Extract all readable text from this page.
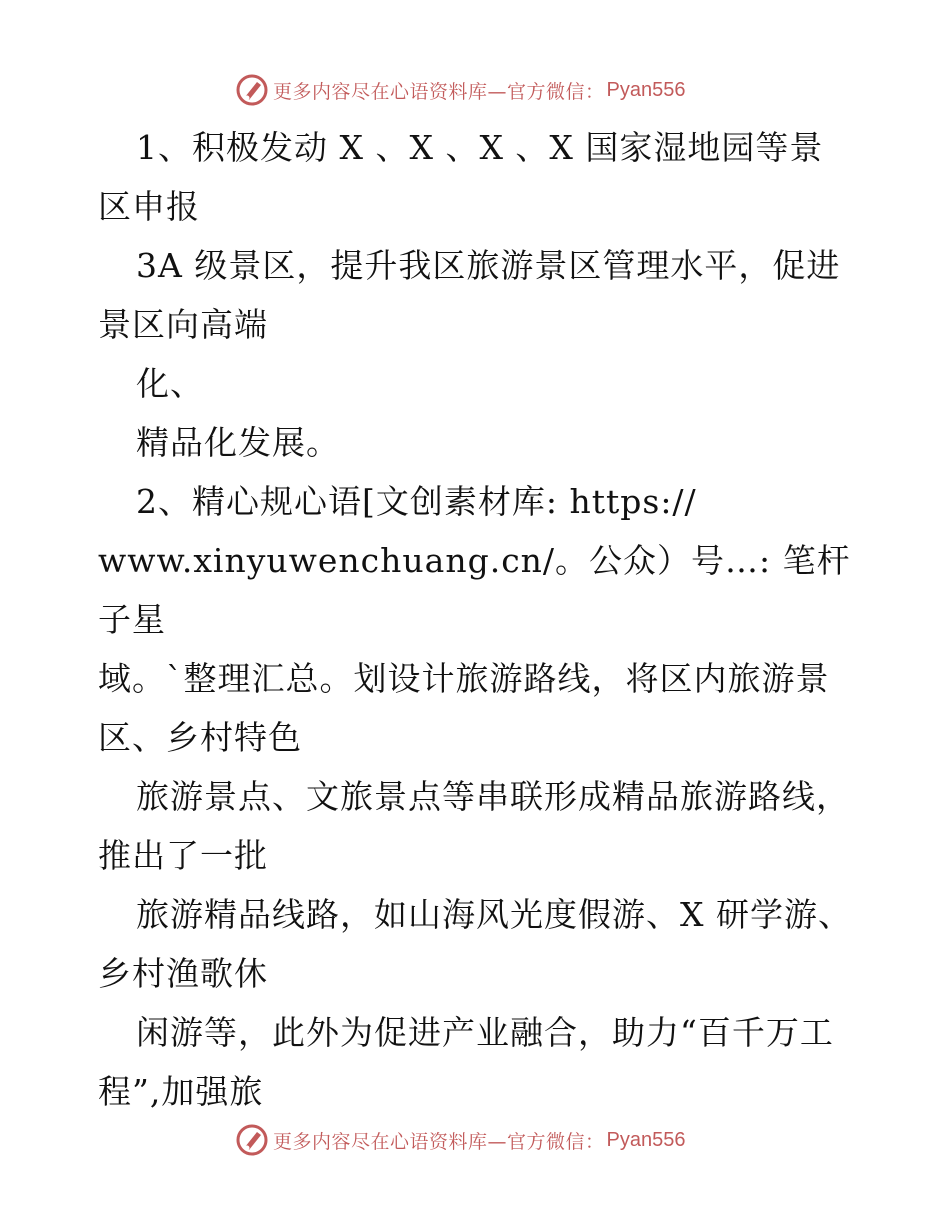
更多内容尽在心语资料库—官方微信： Pyan556

1、积极发动 X 、X 、X 、X 国家湿地园等景

区申报

3A 级景区，提升我区旅游景区管理水平，促进

景区向高端

化、

精品化发展。

2、精心规心语[文创素材库: https://

www.xinyuwenchuang.cn/。公众）号…: 笔杆子星

域。`整理汇总。划设计旅游路线，将区内旅游景

区、乡村特色

旅游景点、文旅景点等串联形成精品旅游路线，

推出了一批

旅游精品线路，如山海风光度假游、X 研学游、

乡村渔歌休

闲游等，此外为促进产业融合，助力“百千万工

程”,加强旅

更多内容尽在心语资料库—官方微信： Pyan556
